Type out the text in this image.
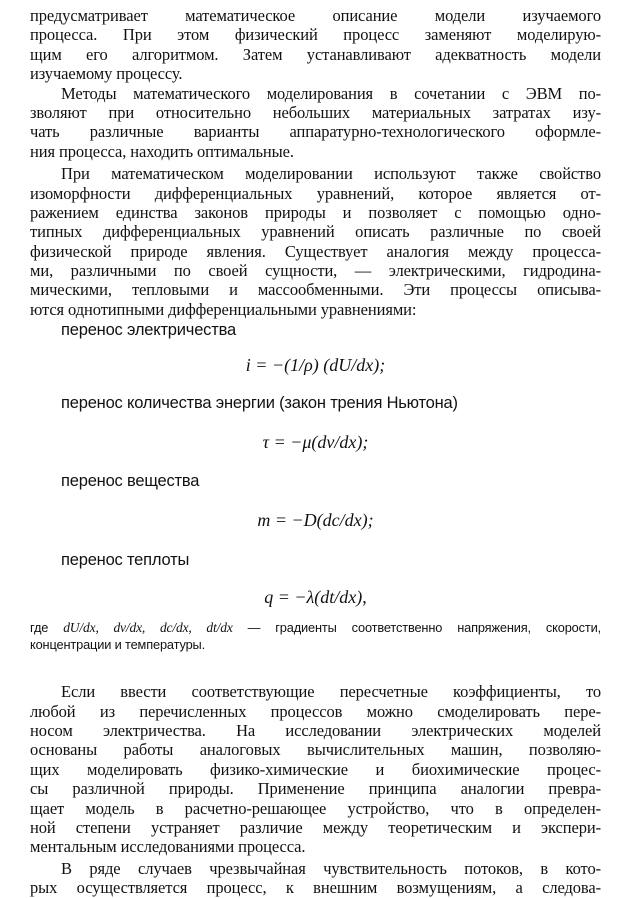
предусматривает математическое описание модели изучаемого
процесса. При этом физический процесс заменяют моделирую-
щим его алгоритмом. Затем устанавливают адекватность модели
изучаемому процессу.
Методы математического моделирования в сочетании с ЭВМ по-
зволяют при относительно небольших материальных затратах изу-
чать различные варианты аппаратурно-технологического оформле-
ния процесса, находить оптимальные.
При математическом моделировании используют также свойство
изоморфности дифференциальных уравнений, которое является от-
ражением единства законов природы и позволяет с помощью одно-
типных дифференциальных уравнений описать различные по своей
физической природе явления. Существует аналогия между процесса-
ми, различными по своей сущности, — электрическими, гидродина-
мическими, тепловыми и массообменными. Эти процессы описыва-
ются однотипными дифференциальными уравнениями:
перенос электричества
i = −(1/ρ) (dU/dx);
перенос количества энергии (закон трения Ньютона)
τ = −μ(dv/dx);
перенос вещества
m = −D(dc/dx);
перенос теплоты
q = −λ(dt/dx),
где dU/dx, dv/dx, dc/dx, dt/dx — градиенты соответственно напряжения, скорости,
концентрации и температуры.
Если ввести соответствующие пересчетные коэффициенты, то
любой из перечисленных процессов можно смоделировать пере-
носом электричества. На исследовании электрических моделей
основаны работы аналоговых вычислительных машин, позволяю-
щих моделировать физико-химические и биохимические процес-
сы различной природы. Применение принципа аналогии превра-
щает модель в расчетно-решающее устройство, что в определен-
ной степени устраняет различие между теоретическим и экспери-
ментальным исследованиями процесса.
В ряде случаев чрезвычайная чувствительность потоков, в кото-
рых осуществляется процесс, к внешним возмущениям, а следова-
